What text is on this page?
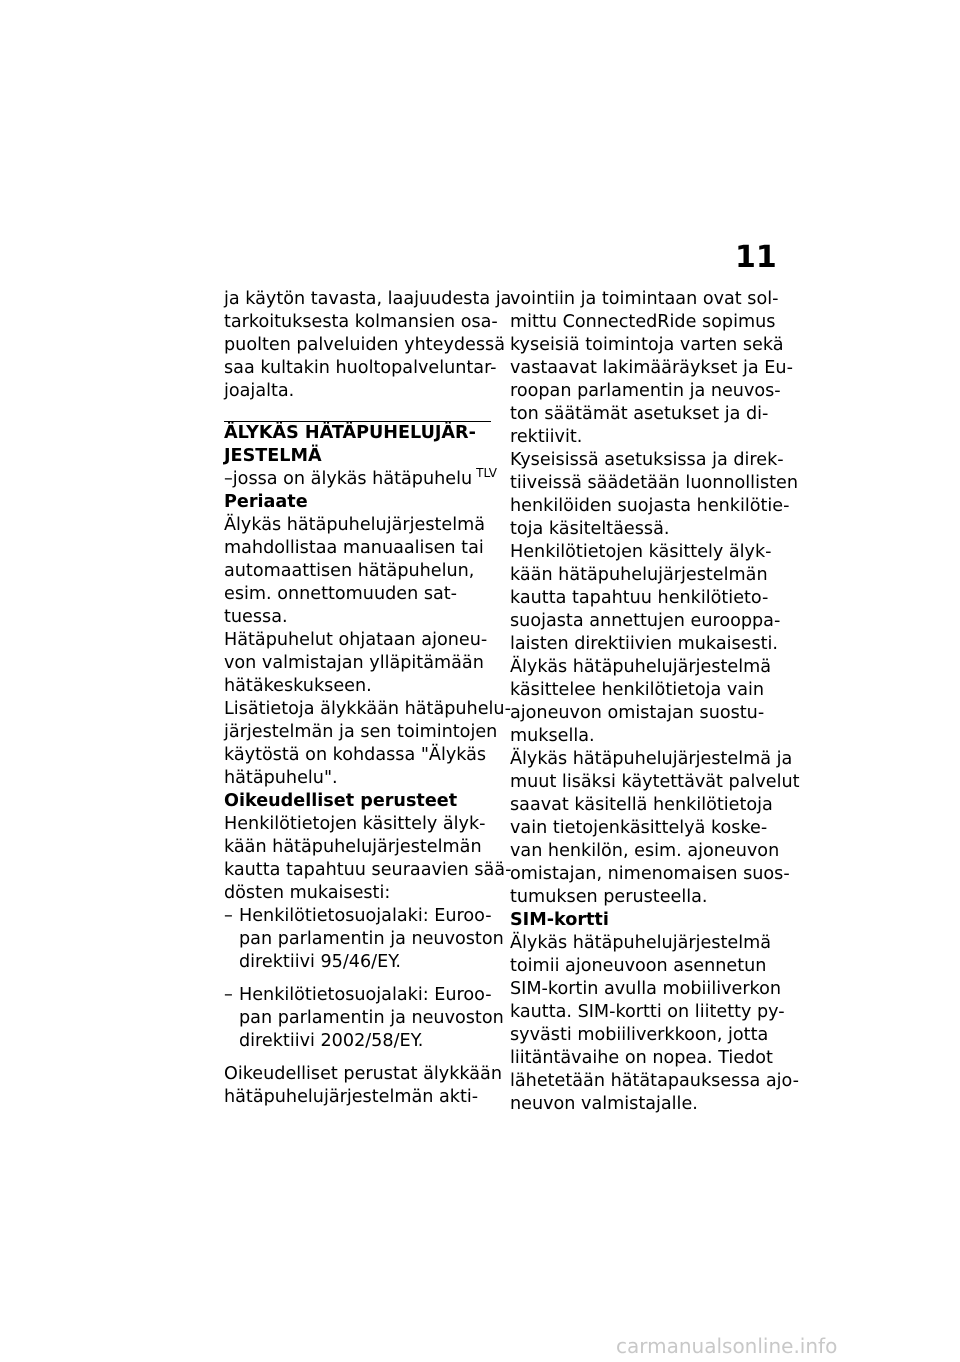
11

ja käytön tavasta, laajuudesta ja

tarkoituksesta kolmansien osa-

puolten palveluiden yhteydessä

saa kultakin huoltopalveluntar-

joajalta.

ÄLYKÄS HÄTÄPUHELUJÄR-

JESTELMÄ

–jossa on älykäs hätäpuhelu $^{TLV}$

Periaate

Älykäs hätäpuhelujärjestelmä

mahdollistaa manuaalisen tai

automaattisen hätäpuhelun,

esim. onnettomuuden sat-

tuessa.

Hätäpuhelut ohjataan ajoneu-

von valmistajan ylläpitämään

hätäkeskukseen.

Lisätietoja älykkään hätäpuhelu-

järjestelmän ja sen toimintojen

käytöstä on kohdassa "Älykäs

hätäpuhelu".

Oikeudelliset perusteet

Henkilötietojen käsittely älyk-

kään hätäpuhelujärjestelmän

kautta tapahtuu seuraavien sää-

dösten mukaisesti:

– Henkilötietosuojalaki: Euroo-

pan parlamentin ja neuvoston

direktiivi 95/46/EY.

– Henkilötietosuojalaki: Euroo-

pan parlamentin ja neuvoston

direktiivi 2002/58/EY.

Oikeudelliset perustat älykkään

hätäpuhelujärjestelmän akti-

vointiin ja toimintaan ovat sol-

mittu ConnectedRide sopimus

kyseisiä toimintoja varten sekä

vastaavat lakimääräykset ja Eu-

roopan parlamentin ja neuvos-

ton säätämät asetukset ja di-

rektiivit.

Kyseisissä asetuksissa ja direk-

tiiveissä säädetään luonnollisten

henkilöiden suojasta henkilötie-

toja käsiteltäessä.

Henkilötietojen käsittely älyk-

kään hätäpuhelujärjestelmän

kautta tapahtuu henkilötieto-

suojasta annettujen eurooppa-

laisten direktiivien mukaisesti.

Älykäs hätäpuhelujärjestelmä

käsittelee henkilötietoja vain

ajoneuvon omistajan suostu-

muksella.

Älykäs hätäpuhelujärjestelmä ja

muut lisäksi käytettävät palvelut

saavat käsitellä henkilötietoja

vain tietojenkäsittelyä koske-

van henkilön, esim. ajoneuvon

omistajan, nimenomaisen suos-

tumuksen perusteella.

SIM-kortti

Älykäs hätäpuhelujärjestelmä

toimii ajoneuvoon asennetun

SIM-kortin avulla mobiiliverkon

kautta. SIM-kortti on liitetty py-

syvästi mobiiliverkkoon, jotta

liitäntävaihe on nopea. Tiedot

lähetetään hätätapauksessa ajo-

neuvon valmistajalle.

carmanualsonline.info
